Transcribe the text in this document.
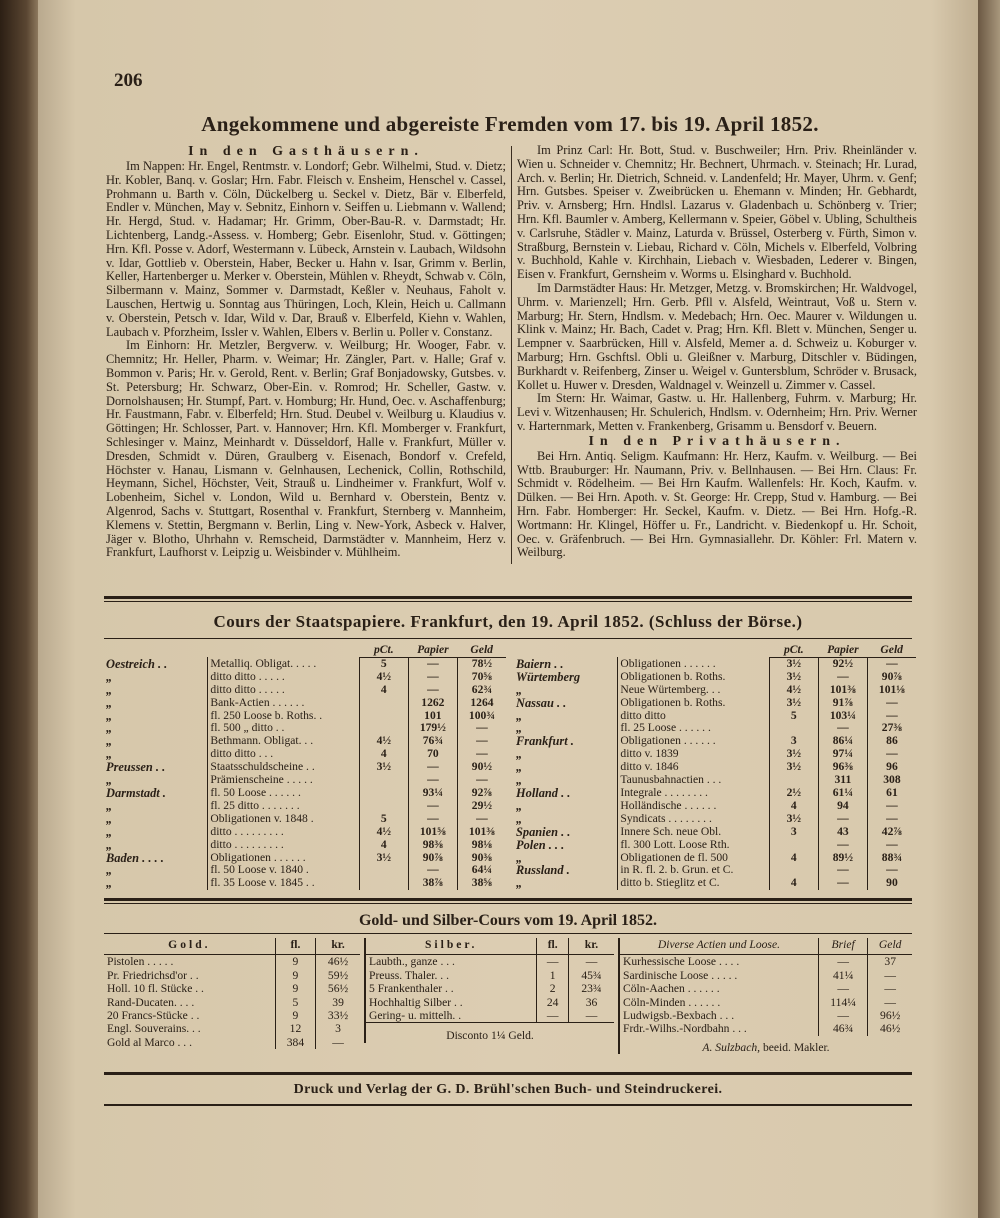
206
Angekommene und abgereiste Fremden vom 17. bis 19. April 1852.
In den Gasthäusern.

Im Nappen: Hr. Engel, Rentmstr. v. Londorf; Gebr. Wilhelmi, Stud. v. Dietz; Hr. Kobler, Banq. v. Goslar; Hrn. Fabr. Fleisch v. Ensheim, Henschel v. Cassel, Prohmann u. Barth v. Cöln, Dückelberg u. Seckel v. Dietz, Bär v. Elberfeld, Endler v. München, May v. Sebnitz, Einhorn v. Seiffen u. Liebmann v. Wallend; Hr. Hergd, Stud. v. Hadamar; Hr. Grimm, Ober-Bau-R. v. Darmstadt; Hr. Lichtenberg, Landg.-Assess. v. Homberg; Gebr. Eisenlohr, Stud. v. Göttingen; Hrn. Kfl. Posse v. Adorf, Westermann v. Lübeck, Arnstein v. Laubach, Wildsohn v. Idar, Gottlieb v. Oberstein, Haber, Becker u. Hahn v. Isar, Grimm v. Berlin, Keller, Hartenberger u. Merker v. Oberstein, Mühlen v. Rheydt, Schwab v. Cöln, Silbermann v. Mainz, Sommer v. Darmstadt, Keßler v. Neuhaus, Faholt v. Lauschen, Hertwig u. Sonntag aus Thüringen, Loch, Klein, Heich u. Callmann v. Oberstein, Petsch v. Idar, Wild v. Dar, Brauß v. Elberfeld, Kiehn v. Wahlen, Laubach v. Pforzheim, Issler v. Wahlen, Elbers v. Berlin u. Poller v. Constanz.

Im Einhorn: Hr. Metzler, Bergverw. v. Weilburg; Hr. Wooger, Fabr. v. Chemnitz; Hr. Heller, Pharm. v. Weimar; Hr. Zängler, Part. v. Halle; Graf v. Bommon v. Paris; Hr. v. Gerold, Rent. v. Berlin; Graf Bonjadowsky, Gutsbes. v. St. Petersburg; Hr. Schwarz, Ober-Ein. v. Romrod; Hr. Scheller, Gastw. v. Dornolshausen; Hr. Stumpf, Part. v. Homburg; Hr. Hund, Oec. v. Aschaffenburg; Hr. Faustmann, Fabr. v. Elberfeld; Hrn. Stud. Deubel v. Weilburg u. Klaudius v. Göttingen; Hr. Schlosser, Part. v. Hannover; Hrn. Kfl. Momberger v. Frankfurt, Schlesinger v. Mainz, Meinhardt v. Düsseldorf, Halle v. Frankfurt, Müller v. Dresden, Schmidt v. Düren, Graulberg v. Eisenach, Bondorf v. Crefeld, Höchster v. Hanau, Lismann v. Gelnhausen, Lechenick, Collin, Rothschild, Heymann, Sichel, Höchster, Veit, Strauß u. Lindheimer v. Frankfurt, Wolf v. Lobenheim, Sichel v. London, Wild u. Bernhard v. Oberstein, Bentz v. Algenrod, Sachs v. Stuttgart, Rosenthal v. Frankfurt, Sternberg v. Mannheim, Klemens v. Stettin, Bergmann v. Berlin, Ling v. New-York, Asbeck v. Halver, Jäger v. Blotho, Uhrhahn v. Remscheid, Darmstädter v. Mannheim, Herz v. Frankfurt, Laufhorst v. Leipzig u. Weisbinder v. Mühlheim.

Im Prinz Carl: Hr. Bott, Stud. v. Buschweiler; Hrn. Priv. Rheinländer v. Wien u. Schneider v. Chemnitz; Hr. Bechnert, Uhrmach. v. Steinach; Hr. Lurad, Arch. v. Berlin; Hr. Dietrich, Schneid. v. Landenfeld; Hr. Mayer, Uhrm. v. Genf; Hrn. Gutsbes. Speiser v. Zweibrücken u. Ehemann v. Minden; Hr. Gebhardt, Priv. v. Arnsberg; Hrn. Hndlsl. Lazarus v. Gladenbach u. Schönberg v. Trier; Hrn. Kfl. Baumler v. Amberg, Kellermann v. Speier, Göbel v. Ubling, Schultheis v. Carlsruhe, Städler v. Mainz, Laturda v. Brüssel, Osterberg v. Fürth, Simon v. Straßburg, Bernstein v. Liebau, Richard v. Cöln, Michels v. Elberfeld, Volbring v. Buchhold, Kahle v. Kirchhain, Liebach v. Wiesbaden, Lederer v. Bingen, Eisen v. Frankfurt, Gernsheim v. Worms u. Elsinghard v. Buchhold.

Im Darmstädter Haus: Hr. Metzger, Metzg. v. Bromskirchen; Hr. Waldvogel, Uhrm. v. Marienzell; Hrn. Gerb. Pfll v. Alsfeld, Weintraut, Voß u. Stern v. Marburg; Hr. Stern, Hndlsm. v. Medebach; Hrn. Oec. Maurer v. Wildungen u. Klink v. Mainz; Hr. Bach, Cadet v. Prag; Hrn. Kfl. Blett v. München, Senger u. Lempner v. Saarbrücken, Hill v. Alsfeld, Memer a. d. Schweiz u. Koburger v. Marburg; Hrn. Gschftsl. Obli u. Gleißner v. Marburg, Ditschler v. Büdingen, Burkhardt v. Reifenberg, Zinser u. Weigel v. Guntersblum, Schröder v. Brusack, Kollet u. Huwer v. Dresden, Waldnagel v. Weinzell u. Zimmer v. Cassel.

Im Stern: Hr. Waimar, Gastw. u. Hr. Hallenberg, Fuhrm. v. Marburg; Hr. Levi v. Witzenhausen; Hr. Schulerich, Hndlsm. v. Odernheim; Hrn. Priv. Werner v. Harternmark, Metten v. Frankenberg, Grisamm u. Bensdorf v. Beuern.

In den Privathäusern.

Bei Hrn. Antiq. Seligm. Kaufmann: Hr. Herz, Kaufm. v. Weilburg. — Bei Wttb. Brauburger: Hr. Naumann, Priv. v. Bellnhausen. — Bei Hrn. Claus: Fr. Schmidt v. Rödelheim. — Bei Hrn Kaufm. Wallenfels: Hr. Koch, Kaufm. v. Dülken. — Bei Hrn. Apoth. v. St. George: Hr. Crepp, Stud v. Hamburg. — Bei Hrn. Fabr. Homberger: Hr. Seckel, Kaufm. v. Dietz. — Bei Hrn. Hofg.-R. Wortmann: Hr. Klingel, Höffer u. Fr., Landricht. v. Biedenkopf u. Hr. Schoit, Oec. v. Gräfenbruch. — Bei Hrn. Gymnasiallehr. Dr. Köhler: Frl. Matern v. Weilburg.

Cours der Staatspapiere. Frankfurt, den 19. April 1852. (Schluss der Börse.)
		pCt.	Papier	Geld
Oestreich . .	Metalliq. Obligat. . . . .	5	—	78½
„	ditto ditto . . . . .	4½	—	70⅝
„	ditto ditto . . . . .	4	—	62¾
„	Bank-Actien . . . . . .		1262	1264
„	fl. 250 Loose b. Roths. .		101	100¾
„	fl. 500 „ ditto . .		179½	—
„	Bethmann. Obligat. . .	4½	76¾	—
„	ditto ditto . . .	4	70	—
Preussen . .	Staatsschuldscheine . .	3½	—	90½
„	Prämienscheine . . . . .		—	—
Darmstadt .	fl. 50 Loose . . . . . .		93¼	92⅞
„	fl. 25 ditto . . . . . . .		—	29½
„	Obligationen v. 1848 .	5	—	—
„	ditto . . . . . . . . .	4½	101⅝	101⅜
„	ditto . . . . . . . . .	4	98⅜	98⅛
Baden . . . .	Obligationen . . . . . .	3½	90⅞	90⅜
„	fl. 50 Loose v. 1840 .		—	64¼
„	fl. 35 Loose v. 1845 . .		38⅞	38⅝
		pCt.	Papier	Geld
Baiern . .	Obligationen . . . . . .	3½	92½	—
Würtemberg	Obligationen b. Roths.	3½	—	90⅞
„	Neue Würtemberg. . .	4½	101⅜	101⅛
Nassau . .	Obligationen b. Roths.	3½	91⅞	—
„	ditto ditto	5	103¼	—
„	fl. 25 Loose . . . . . .		—	27⅜
Frankfurt .	Obligationen . . . . . .	3	86¼	86
„	ditto v. 1839	3½	97¼	—
„	ditto v. 1846	3½	96⅜	96
„	Taunusbahnactien . . .		311	308
Holland . .	Integrale . . . . . . . .	2½	61¼	61
„	Holländische . . . . . .	4	94	—
„	Syndicats . . . . . . . .	3½	—	—
Spanien . .	Innere Sch. neue Obl.	3	43	42⅞
Polen . . .	fl. 300 Lott. Loose Rth.		—	—
„	Obligationen de fl. 500	4	89½	88¾
Russland .	in R. fl. 2. b. Grun. et C.		—	—
„	ditto b. Stieglitz et C.	4	—	90
Gold- und Silber-Cours vom 19. April 1852.
Gold.	fl.	kr.
Pistolen . . . . .	9	46½
Pr. Friedrichsd'or . .	9	59½
Holl. 10 fl. Stücke . .	9	56½
Rand-Ducaten. . . .	5	39
20 Francs-Stücke . .	9	33½
Engl. Souverains. . .	12	3
Gold al Marco . . .	384	—
Silber.	fl.	kr.
Laubth., ganze . . .	—	—
Preuss. Thaler. . .	1	45¾
5 Frankenthaler . .	2	23¾
Hochhaltig Silber . .	24	36
Gering- u. mittelh. .	—	—
Disconto 1¼ Geld.		
Diverse Actien und Loose.	Brief	Geld
Kurhessische Loose . . . .	—	37
Sardinische Loose . . . . .	41¼	—
Cöln-Aachen . . . . . .	—	—
Cöln-Minden . . . . . .	114¼	—
Ludwigsb.-Bexbach . . .	—	96½
Frdr.-Wilhs.-Nordbahn . . .	46¾	46½
A. Sulzbach, beeid. Makler.		
Druck und Verlag der G. D. Brühl'schen Buch- und Steindruckerei.
